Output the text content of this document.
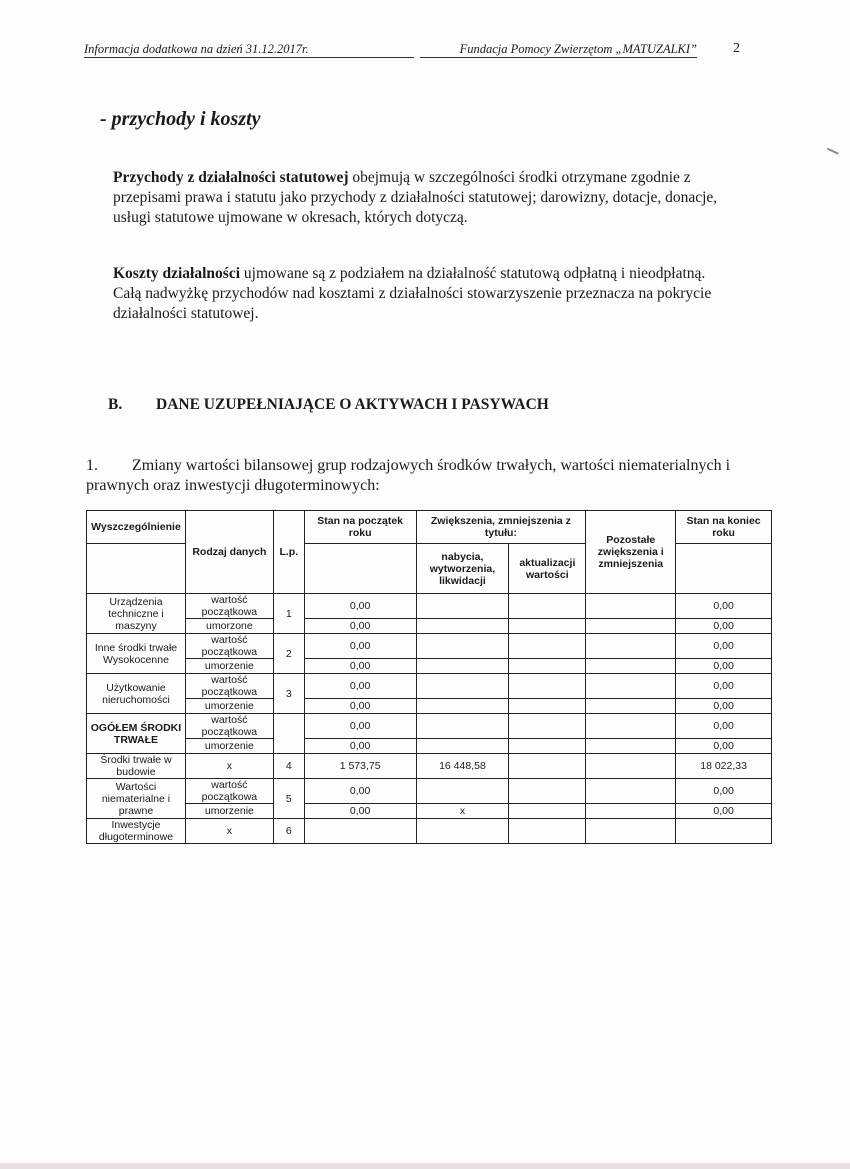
Informacja dodatkowa na dzień 31.12.2017r.	Fundacja Pomocy Zwierzętom „MATUZALKI”	2
- przychody i koszty
Przychody z działalności statutowej obejmują w szczególności środki otrzymane zgodnie z przepisami prawa i statutu jako przychody z działalności statutowej; darowizny, dotacje, donacje, usługi statutowe ujmowane w okresach, których dotyczą.
Koszty działalności ujmowane są z podziałem na działalność statutową odpłatną i nieodpłatną.
Całą nadwyżkę przychodów nad kosztami z działalności stowarzyszenie przeznacza na pokrycie działalności statutowej.
B. DANE UZUPEŁNIAJĄCE O AKTYWACH I PASYWACH
1. Zmiany wartości bilansowej grup rodzajowych środków trwałych, wartości niematerialnych i prawnych oraz inwestycji długoterminowych:
Wyszczególnienie	Rodzaj danych	L.p.	Stan na początek roku	Zwiększenia, zmniejszenia z tytułu:		Pozostałe zwiększenia i zmniejszenia	Stan na koniec roku
				nabycia, wytworzenia, likwidacji	aktualizacji wartości		
Urządzenia techniczne i maszyny	wartość początkowa	1	0,00				0,00
	umorzone		0,00				0,00
Inne środki trwałe Wysokocenne	wartość początkowa	2	0,00				0,00
	umorzenie		0,00				0,00
Użytkowanie nieruchomości	wartość początkowa	3	0,00				0,00
	umorzenie		0,00				0,00
OGÓŁEM ŚRODKI TRWAŁE	wartość początkowa		0,00				0,00
	umorzenie		0,00				0,00
Środki trwałe w budowie	x	4	1 573,75	16 448,58			18 022,33
Wartości niematerialne i prawne	wartość początkowa	5	0,00				0,00
	umorzenie		0,00	x			0,00
Inwestycje długoterminowe	x	6					
